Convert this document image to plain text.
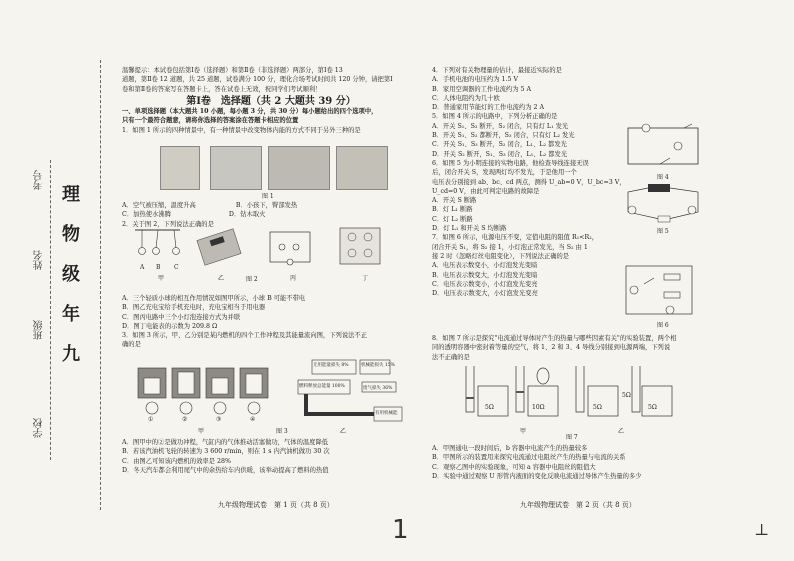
学校
班级
姓名
考号
九
年
级
物
理

温馨提示：本试卷包括第Ⅰ卷（选择题）和第Ⅱ卷（非选择题）两部分，第Ⅰ卷 13

道题，第Ⅱ卷 12 道题，共 25 道题，试卷满分 100 分，理化合场考试时间共 120 分钟，请把第Ⅰ

卷和第Ⅱ卷的答案写在答题卡上，答在试卷上无效，祝同学们考试顺利！

第Ⅰ卷　选择题（共 2 大题共 39 分）

一、单项选择题（本大题共 10 小题，每小题 3 分，共 30 分）每小题给出的四个选项中，

只有一个最符合题意，请将你选择的答案涂在答题卡相应的位置

1．如图 1 所示的四种情景中，有一种情景中改变物体内能的方式不同于另外三种的是

图 1

A．空气被压缩，温度升高	B．小孩下，臀部发热

C．加热使水沸腾	D．钻木取火

2．关于图 2，下列说法正确的是

A B C
甲	乙	图 2	丙	丁

A．三个轻质小球的相互作用情况如图甲所示，小球 B 可能不带电

B．图乙充电宝给手机充电时，充电宝相当于用电器

C．图丙电路中三个小灯泡连接方式为并联

D．图丁电能表的示数为 209.8 Ω

3．如图 3 所示，甲、乙分别是某内燃机的四个工作冲程及其能量流向图，下列说法不正

确的是

无用能量损失 8%	机械能损失 15%
燃料释放总能量 100%	废气损失 36%
有用机械能
①	②	③	④
甲	图 3	乙

A．图甲中的②是做功冲程，气缸内的气体推动活塞做功，气体的温度降低

B．若该汽油机飞轮的转速为 3 600 r/min，则在 1 s 内汽油机做功 30 次

C．由图乙可知该内燃机的效率是 28%

D．冬天汽车都会利用尾气中的余热给车内供暖，该举动提高了燃料的热值

九年级物理试卷　第 1 页（共 8 页）

4．下列对有关物理量的估计，最接近实际的是

A．手机电池的电压约为 1.5 V

B．家用空调器的工作电流约为 5 A

C．人体电阻约为几十欧

D．普通家用节能灯的工作电流约为 2 A

5．如图 4 所示的电路中，下列分析正确的是

A．开关 S₁、S₃ 断开，S₂ 闭合，只有灯 L₁ 发光

B．开关 S₁、S₂ 都断开，S₃ 闭合，只有灯 L₂ 发光

C．开关 S₁、S₃ 断开，S₂ 闭合，L₁、L₂ 都发光

D．开关 S₂ 断开，S₁、S₃ 闭合，L₁、L₂ 都发光

6．如图 5 为小明连接的实物电路，他检查导线连接无误

后，闭合开关 S，发现两灯均不发光，于是他用一个

电压表分别接到 ab、bc、cd 两点，测得 U_ab=0 V，U_bc=3 V，

U_cd=0 V，由此可判定电路的故障是

A．开关 S 断路

B．灯 L₁ 断路

C．灯 L₂ 断路

D．灯 L₁ 和开关 S 均断路

7．如图 6 所示，电源电压不变，定值电阻的阻值 R₁<R₂，

闭合开关 S₁，将 S₂ 接 1，小灯泡正常发光，当 S₂ 由 1

接 2 时（忽略灯丝电阻变化），下列说法正确的是

A．电压表示数变小，小灯泡发光变暗

B．电压表示数变大，小灯泡发光变暗

C．电压表示数变小，小灯泡发光变亮

D．电压表示数变大，小灯泡发光变亮

图 4
图 5
图 6

8．如图 7 所示是探究"电流通过导体时产生的热量与哪些因素有关"的实验装置，两个相

同的透明容器中密封着等量的空气，将 1、2 和 3、4 导线分别接到电源两端，下列说

法不正确的是

5Ω	10Ω	5Ω
5Ω
5Ω
甲
图 7
乙

A．甲图通电一段时间后，b 容器中电流产生的热量较多

B．甲图所示的装置用来探究电流通过电阻丝产生的热量与电流的关系

C．观察乙图中的实验现象，可知 a 容器中电阻丝的阻值大

D．实验中通过观察 U 形管内液面的变化反映电流通过导体产生热量的多少

九年级物理试卷　第 2 页（共 8 页）
1	⊥
